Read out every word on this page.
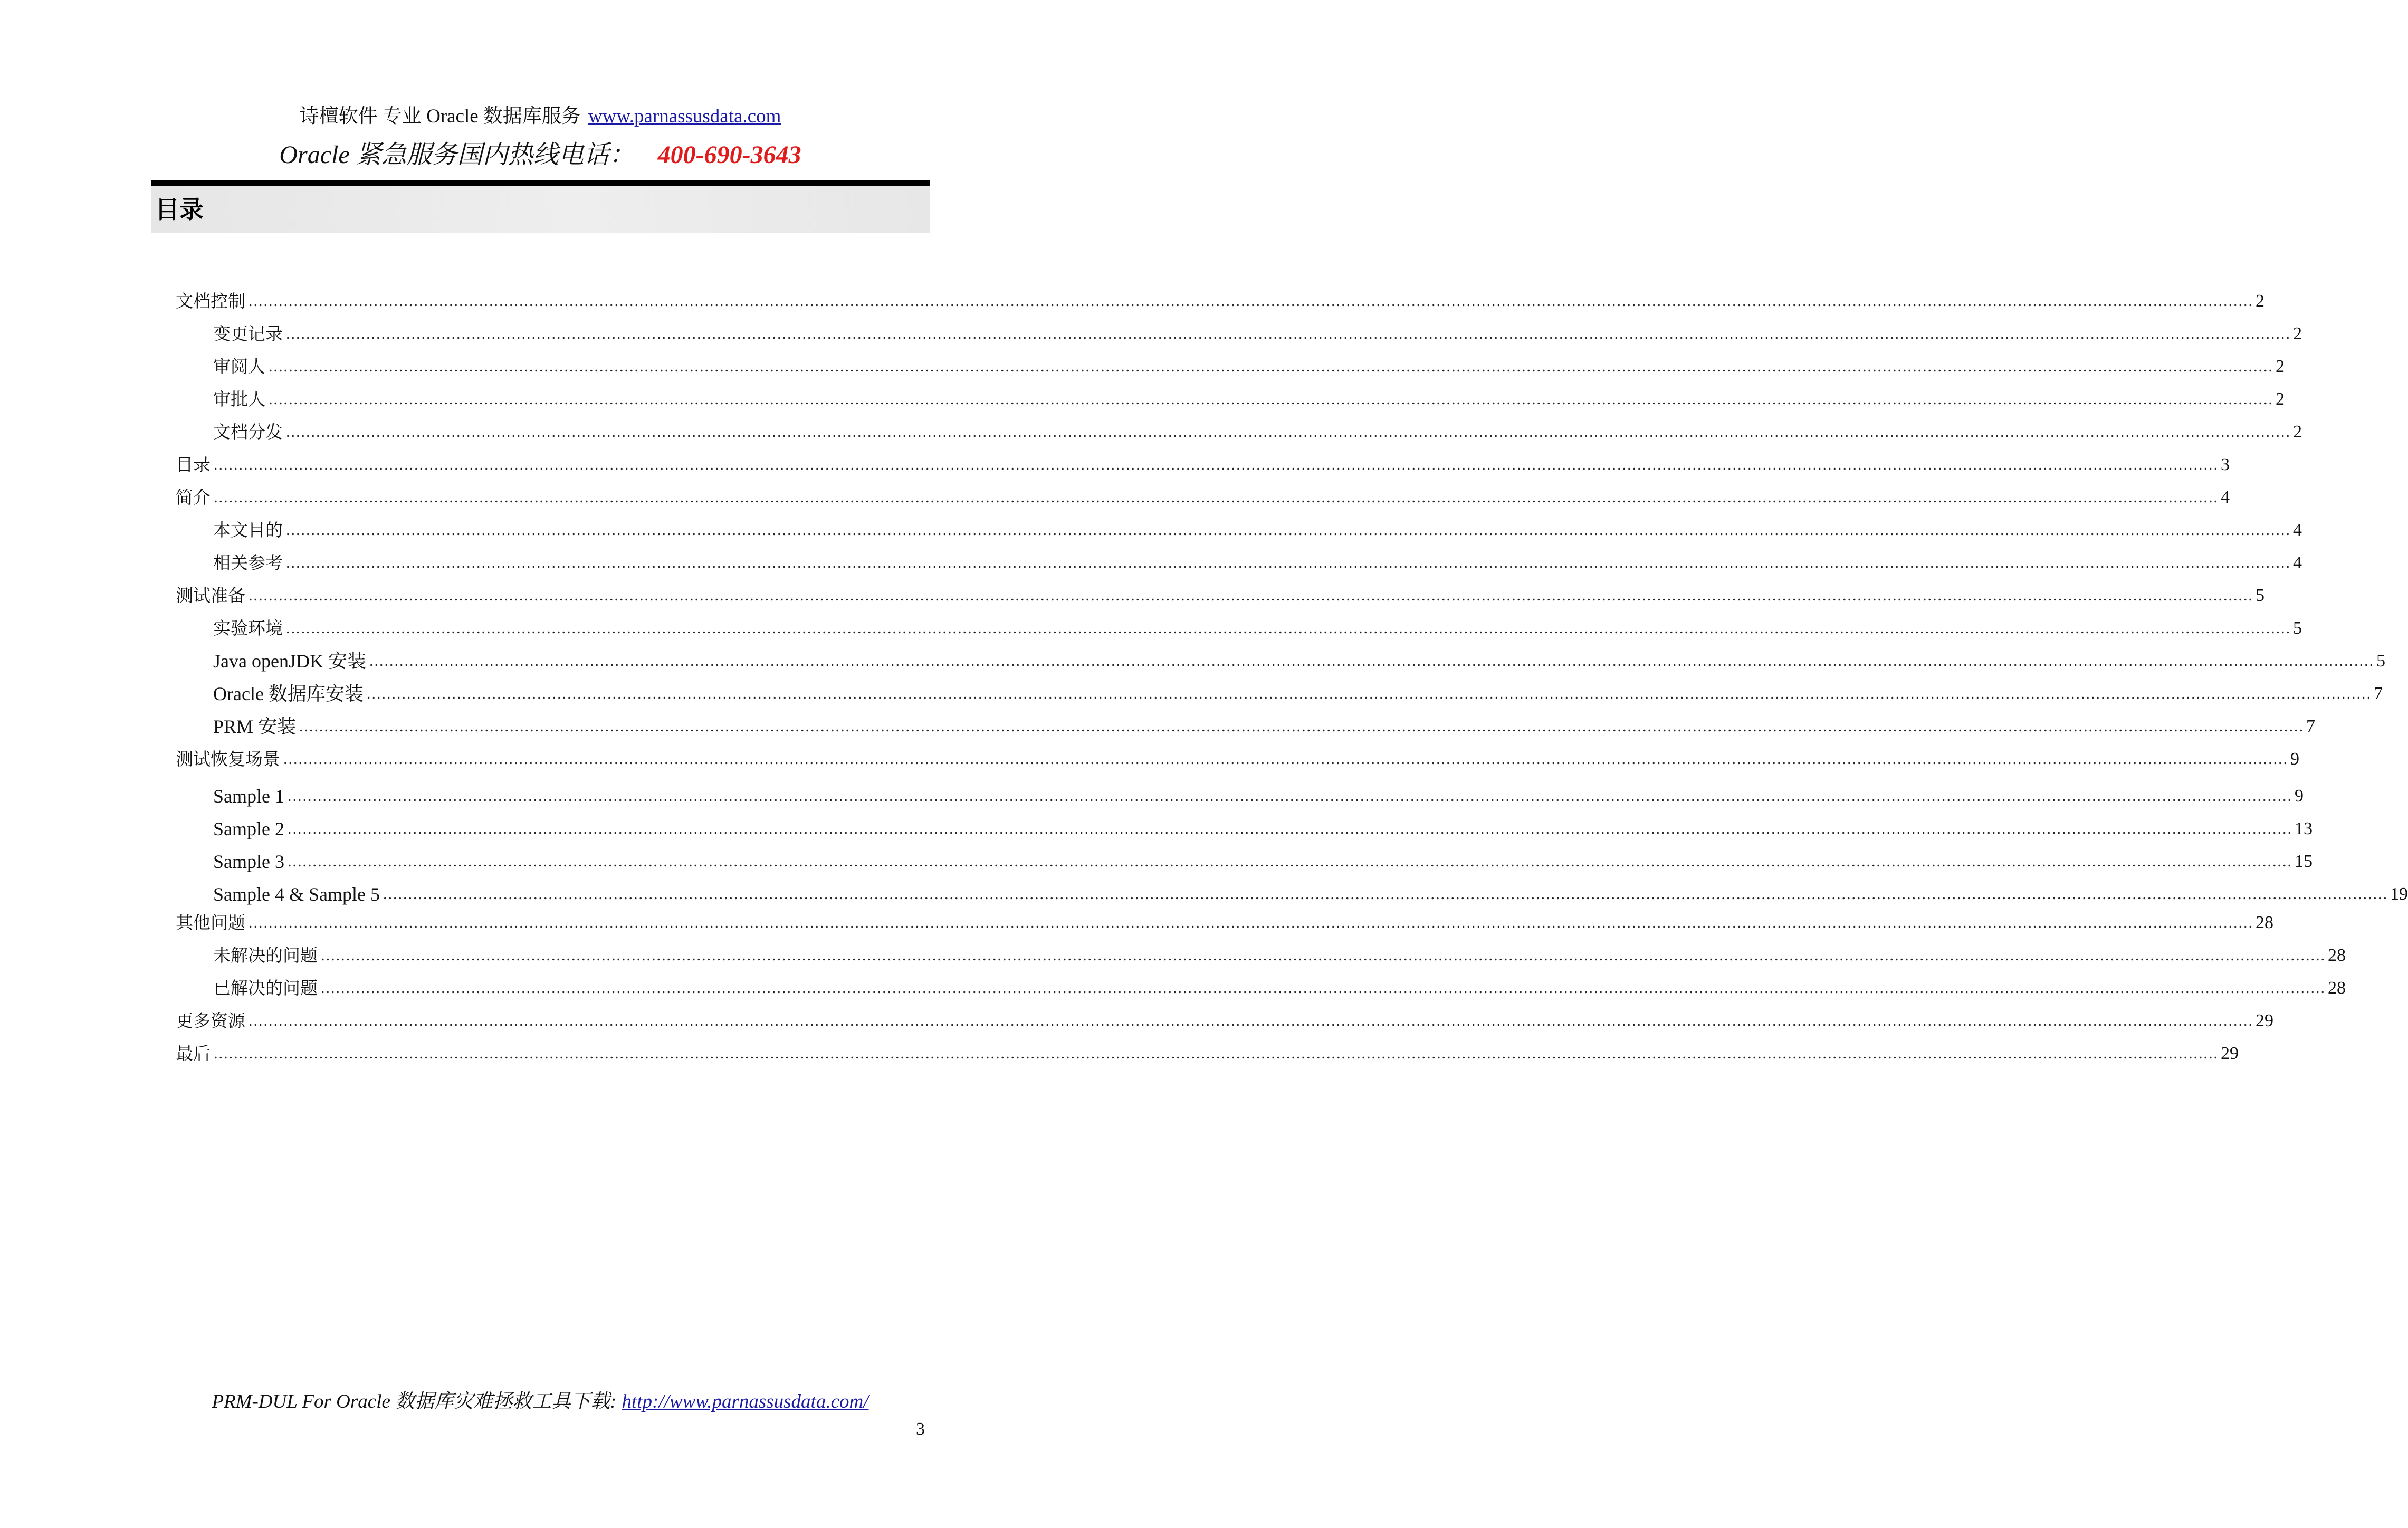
诗檀软件 专业 Oracle 数据库服务 www.parnassusdata.com
Oracle 紧急服务国内热线电话： 400-690-3643
目录
文档控制 ................................................................................................................................................................................................................................................................................................................................................................................................................ 2
变更记录 ................................................................................................................................................................................................................................................................................................................................................................................................................ 2
审阅人 ................................................................................................................................................................................................................................................................................................................................................................................................................ 2
审批人 ................................................................................................................................................................................................................................................................................................................................................................................................................ 2
文档分发 ................................................................................................................................................................................................................................................................................................................................................................................................................ 2
目录 ................................................................................................................................................................................................................................................................................................................................................................................................................ 3
简介 ................................................................................................................................................................................................................................................................................................................................................................................................................ 4
本文目的 ................................................................................................................................................................................................................................................................................................................................................................................................................ 4
相关参考 ................................................................................................................................................................................................................................................................................................................................................................................................................ 4
测试准备 ................................................................................................................................................................................................................................................................................................................................................................................................................ 5
实验环境 ................................................................................................................................................................................................................................................................................................................................................................................................................ 5
Java openJDK 安装 ................................................................................................................................................................................................................................................................................................................................................................................................................ 5
Oracle 数据库安装 ................................................................................................................................................................................................................................................................................................................................................................................................................ 7
PRM 安装 ................................................................................................................................................................................................................................................................................................................................................................................................................ 7
测试恢复场景 ................................................................................................................................................................................................................................................................................................................................................................................................................ 9
Sample 1 ................................................................................................................................................................................................................................................................................................................................................................................................................ 9
Sample 2 ................................................................................................................................................................................................................................................................................................................................................................................................................ 13
Sample 3 ................................................................................................................................................................................................................................................................................................................................................................................................................ 15
Sample 4 & Sample 5 ................................................................................................................................................................................................................................................................................................................................................................................................................ 19
其他问题 ................................................................................................................................................................................................................................................................................................................................................................................................................ 28
未解决的问题 ................................................................................................................................................................................................................................................................................................................................................................................................................ 28
已解决的问题 ................................................................................................................................................................................................................................................................................................................................................................................................................ 28
更多资源 ................................................................................................................................................................................................................................................................................................................................................................................................................ 29
最后 ................................................................................................................................................................................................................................................................................................................................................................................................................ 29
PRM-DUL For Oracle 数据库灾难拯救工具下载: http://www.parnassusdata.com/
3
